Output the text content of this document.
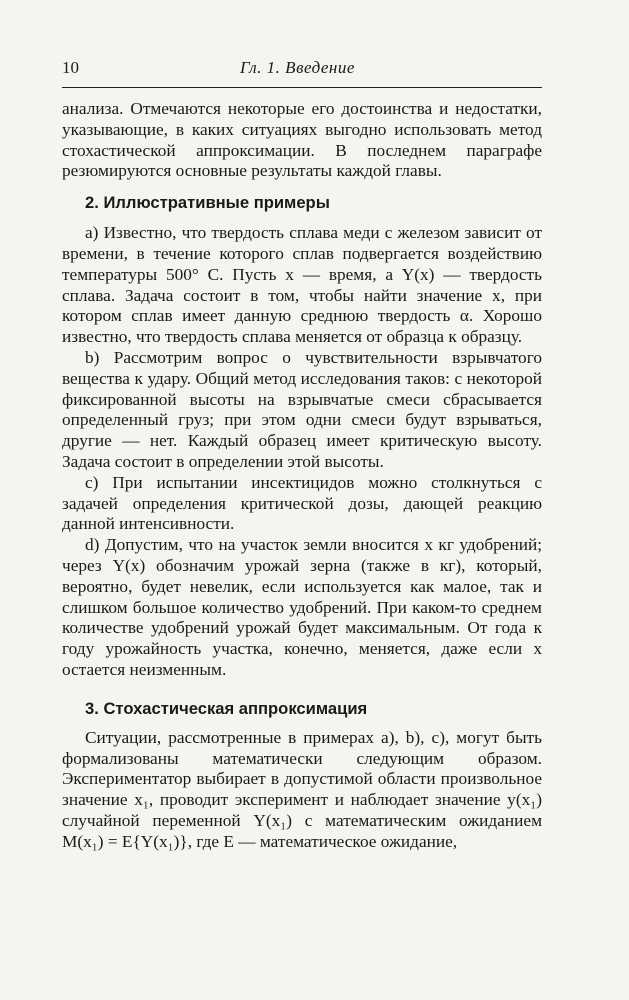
10	Гл. 1. Введение

анализа. Отмечаются некоторые его достоинства и недостатки, указывающие, в каких ситуациях выгодно использовать метод стохастической аппроксимации. В последнем параграфе резюмируются основные результаты каждой главы.

2. Иллюстративные примеры

а) Известно, что твердость сплава меди с железом зависит от времени, в течение которого сплав подвергается воздействию температуры 500° С. Пусть x — время, а Y(x) — твердость сплава. Задача состоит в том, чтобы найти значение x, при котором сплав имеет данную среднюю твердость α. Хорошо известно, что твердость сплава меняется от образца к образцу.

b) Рассмотрим вопрос о чувствительности взрывчатого вещества к удару. Общий метод исследования таков: с некоторой фиксированной высоты на взрывчатые смеси сбрасывается определенный груз; при этом одни смеси будут взрываться, другие — нет. Каждый образец имеет критическую высоту. Задача состоит в определении этой высоты.

с) При испытании инсектицидов можно столкнуться с задачей определения критической дозы, дающей реакцию данной интенсивности.

d) Допустим, что на участок земли вносится x кг удобрений; через Y(x) обозначим урожай зерна (также в кг), который, вероятно, будет невелик, если используется как малое, так и слишком большое количество удобрений. При каком-то среднем количестве удобрений урожай будет максимальным. От года к году урожайность участка, конечно, меняется, даже если x остается неизменным.

3. Стохастическая аппроксимация

Ситуации, рассмотренные в примерах а), b), с), могут быть формализованы математически следующим образом. Экспериментатор выбирает в допустимой области произвольное значение x₁, проводит эксперимент и наблюдает значение y(x₁) случайной переменной Y(x₁) с математическим ожиданием M(x₁) = E{Y(x₁)}, где E — математическое ожидание,
